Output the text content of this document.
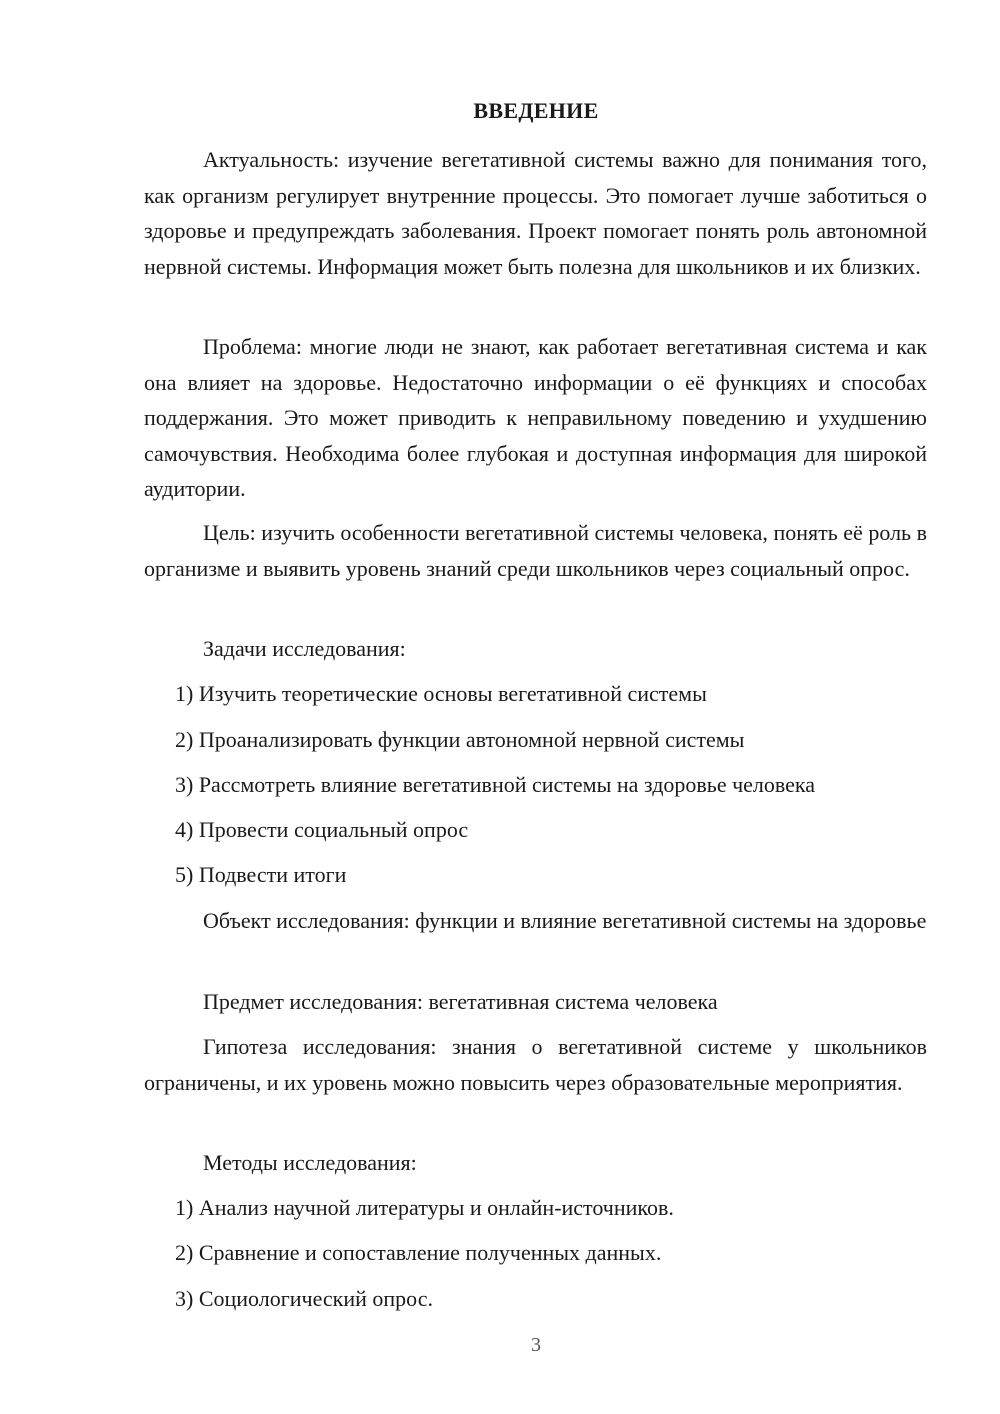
ВВЕДЕНИЕ

Актуальность: изучение вегетативной системы важно для понимания того, как организм регулирует внутренние процессы. Это помогает лучше заботиться о здоровье и предупреждать заболевания. Проект помогает понять роль автономной нервной системы. Информация может быть полезна для школьников и их близких.

Проблема: многие люди не знают, как работает вегетативная система и как она влияет на здоровье. Недостаточно информации о её функциях и способах поддержания. Это может приводить к неправильному поведению и ухудшению самочувствия. Необходима более глубокая и доступная информация для широкой аудитории.

Цель: изучить особенности вегетативной системы человека, понять её роль в организме и выявить уровень знаний среди школьников через социальный опрос.

Задачи исследования:
1) Изучить теоретические основы вегетативной системы
2) Проанализировать функции автономной нервной системы
3) Рассмотреть влияние вегетативной системы на здоровье человека
4) Провести социальный опрос
5) Подвести итоги

Объект исследования: функции и влияние вегетативной системы на здоровье

Предмет исследования: вегетативная система человека

Гипотеза исследования: знания о вегетативной системе у школьников ограничены, и их уровень можно повысить через образовательные мероприятия.

Методы исследования:
1) Анализ научной литературы и онлайн-источников.
2) Сравнение и сопоставление полученных данных.
3) Социологический опрос.
3
